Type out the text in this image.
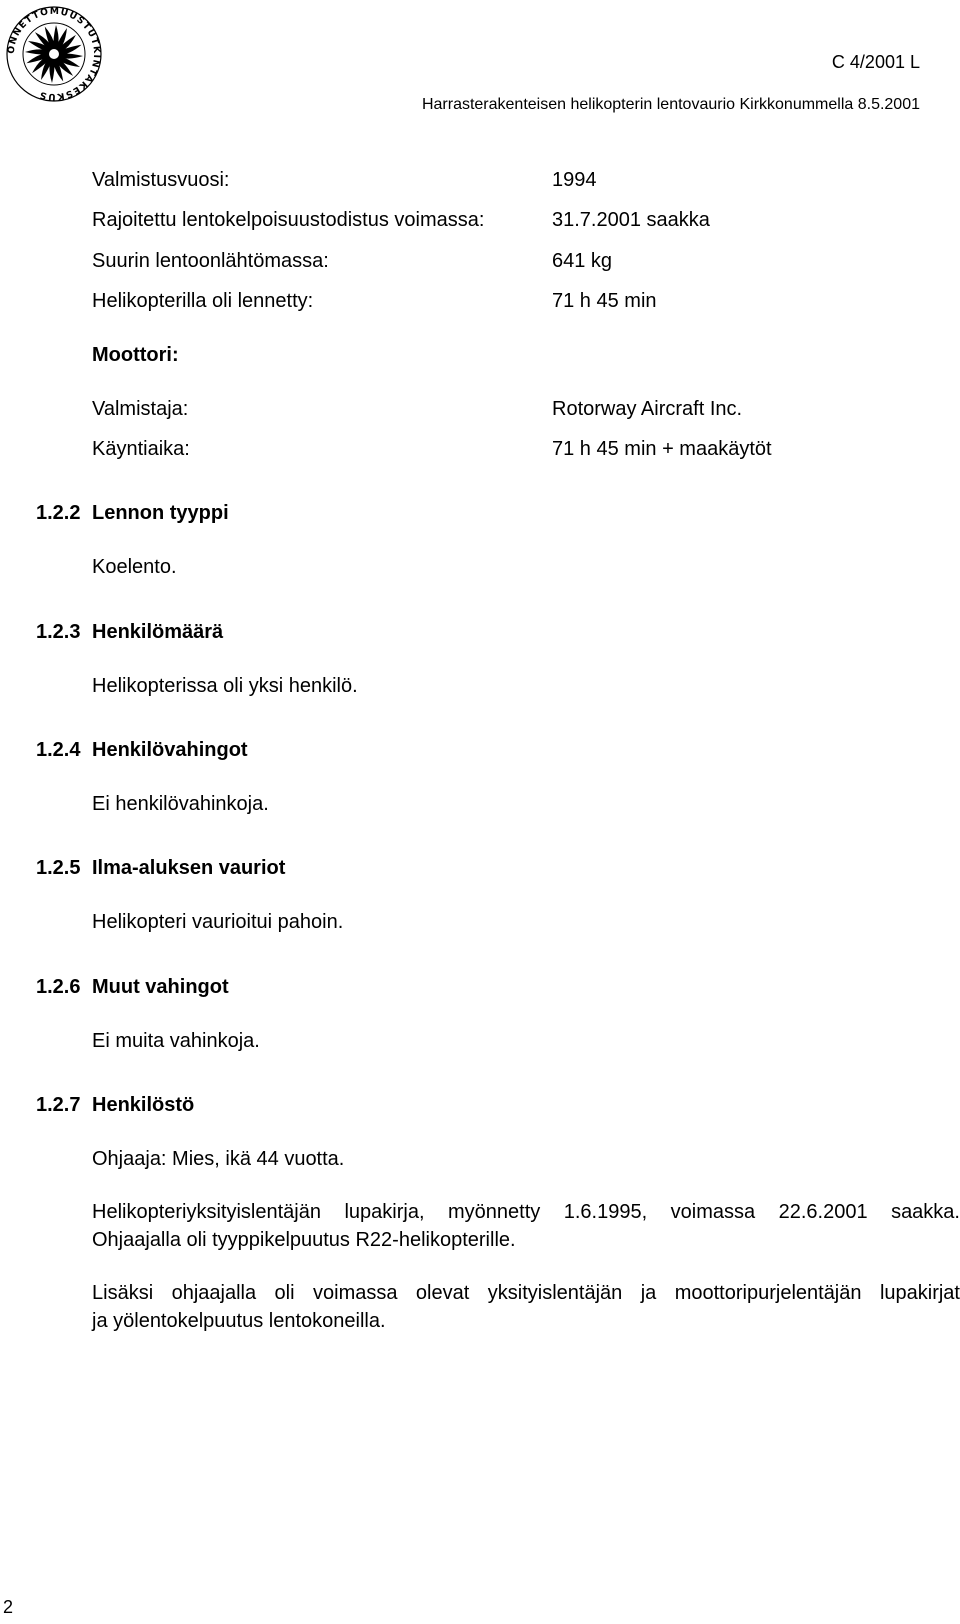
ONNETTOMUUSTUTKINTAKESKUS
C 4/2001 L
Harrasterakenteisen helikopterin lentovaurio Kirkkonummella 8.5.2001
Valmistusvuosi:	1994
Rajoitettu lentokelpoisuustodistus voimassa:	31.7.2001 saakka
Suurin lentoonlähtömassa:	641 kg
Helikopterilla oli lennetty:	71 h 45 min
Moottori:
Valmistaja:	Rotorway Aircraft Inc.
Käyntiaika:	71 h 45 min + maakäytöt
1.2.2 Lennon tyyppi
Koelento.
1.2.3 Henkilömäärä
Helikopterissa oli yksi henkilö.
1.2.4 Henkilövahingot
Ei henkilövahinkoja.
1.2.5 Ilma-aluksen vauriot
Helikopteri vaurioitui pahoin.
1.2.6 Muut vahingot
Ei muita vahinkoja.
1.2.7 Henkilöstö
Ohjaaja: Mies, ikä 44 vuotta.
Helikopteriyksityislentäjän lupakirja, myönnetty 1.6.1995, voimassa 22.6.2001 saakka.
Ohjaajalla oli tyyppikelpuutus R22-helikopterille.
Lisäksi ohjaajalla oli voimassa olevat yksityislentäjän ja moottoripurjelentäjän lupakirjat
ja yölentokelpuutus lentokoneilla.
2
